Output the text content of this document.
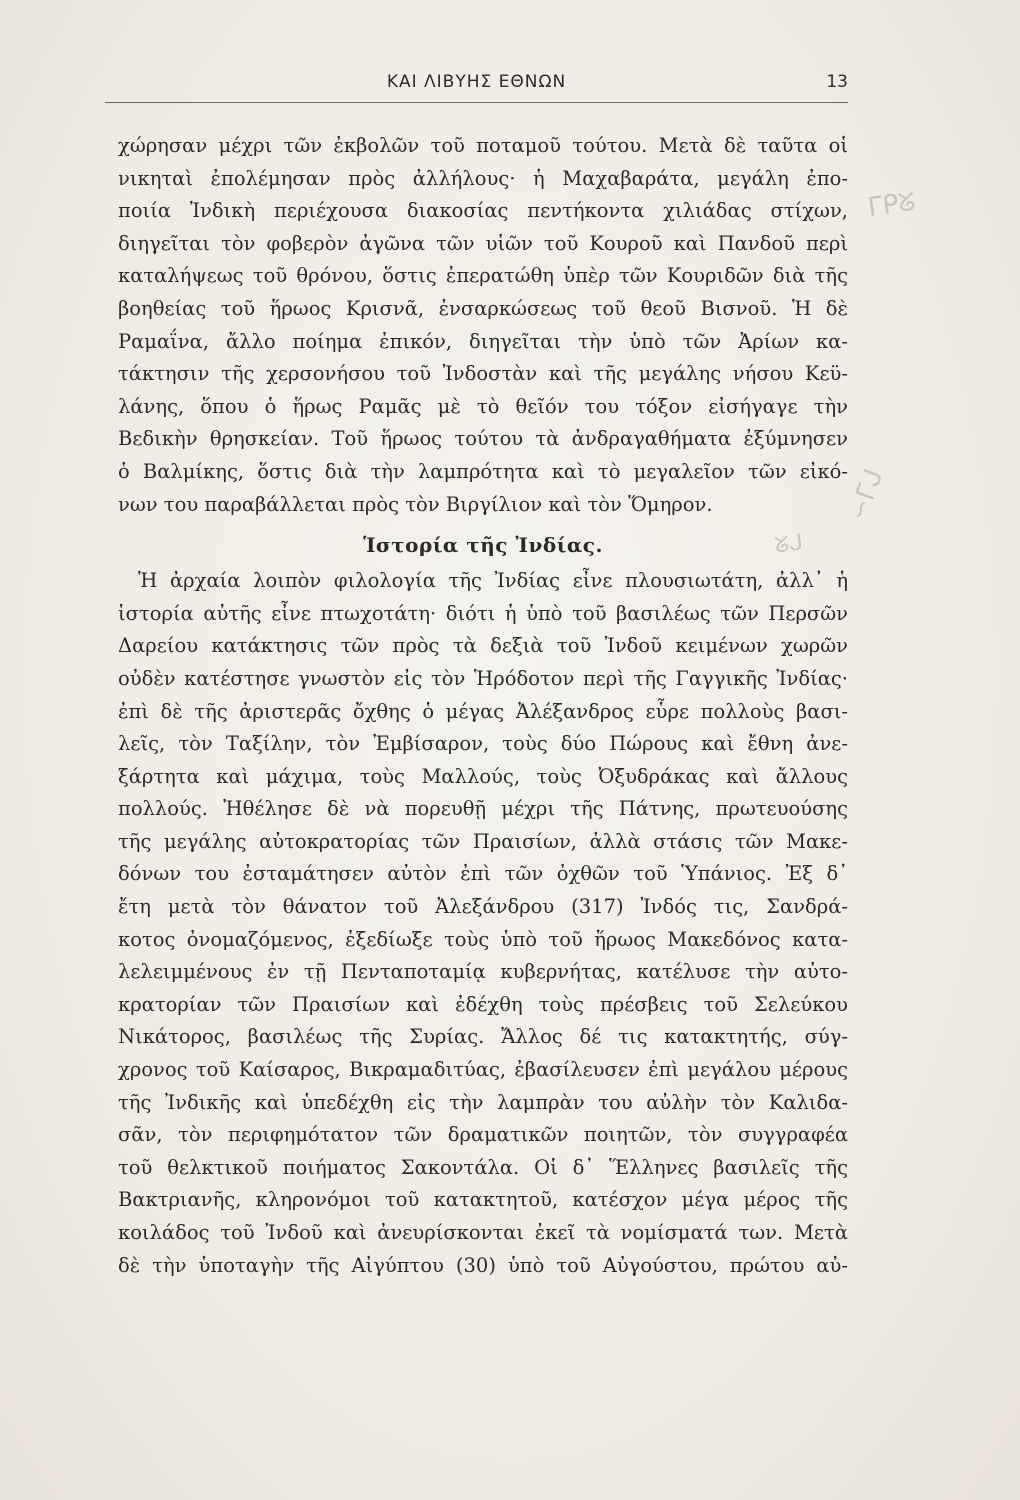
ΚΑΙ ΛΙΒΥΗΣ ΕΘΝΩΝ	13
ᒥᑭᘜ
∽ᒥᒍ
ᘜᒍ
χώρησαν μέχρι τῶν ἐκβολῶν τοῦ ποταμοῦ τούτου. Μετὰ δὲ ταῦτα οἱ
νικηταὶ ἐπολέμησαν πρὸς ἀλλήλους· ἡ Μαχαβαράτα, μεγάλη ἐπο-
ποιία Ἰνδικὴ περιέχουσα διακοσίας πεντήκοντα χιλιάδας στίχων,
διηγεῖται τὸν φοβερὸν ἀγῶνα τῶν υἱῶν τοῦ Κουροῦ καὶ Πανδοῦ περὶ
καταλήψεως τοῦ θρόνου, ὅστις ἐπερατώθη ὑπὲρ τῶν Κουριδῶν διὰ τῆς
βοηθείας τοῦ ἥρωος Κρισνᾶ, ἐνσαρκώσεως τοῦ θεοῦ Βισνοῦ. Ἡ δὲ
Ραμαΐνα, ἄλλο ποίημα ἐπικόν, διηγεῖται τὴν ὑπὸ τῶν Ἀρίων κα-
τάκτησιν τῆς χερσονήσου τοῦ Ἰνδοστὰν καὶ τῆς μεγάλης νήσου Κεϋ-
λάνης, ὅπου ὁ ἥρως Ραμᾶς μὲ τὸ θεῖόν του τόξον εἰσήγαγε τὴν
Βεδικὴν θρησκείαν. Τοῦ ἥρωος τούτου τὰ ἀνδραγαθήματα ἐξύμνησεν
ὁ Βαλμίκης, ὅστις διὰ τὴν λαμπρότητα καὶ τὸ μεγαλεῖον τῶν εἰκό-
νων του παραβάλλεται πρὸς τὸν Βιργίλιον καὶ τὸν Ὅμηρον.
Ἱστορία τῆς Ἰνδίας.
Ἡ ἀρχαία λοιπὸν φιλολογία τῆς Ἰνδίας εἶνε πλουσιωτάτη, ἀλλ᾽ ἡ
ἱστορία αὐτῆς εἶνε πτωχοτάτη· διότι ἡ ὑπὸ τοῦ βασιλέως τῶν Περσῶν
Δαρείου κατάκτησις τῶν πρὸς τὰ δεξιὰ τοῦ Ἰνδοῦ κειμένων χωρῶν
οὐδὲν κατέστησε γνωστὸν εἰς τὸν Ἡρόδοτον περὶ τῆς Γαγγικῆς Ἰνδίας·
ἐπὶ δὲ τῆς ἀριστερᾶς ὄχθης ὁ μέγας Ἀλέξανδρος εὗρε πολλοὺς βασι-
λεῖς, τὸν Ταξίλην, τὸν Ἐμβίσαρον, τοὺς δύο Πώρους καὶ ἔθνη ἀνε-
ξάρτητα καὶ μάχιμα, τοὺς Μαλλούς, τοὺς Ὀξυδράκας καὶ ἄλλους
πολλούς. Ἠθέλησε δὲ νὰ πορευθῇ μέχρι τῆς Πάτνης, πρωτευούσης
τῆς μεγάλης αὐτοκρατορίας τῶν Πραισίων, ἀλλὰ στάσις τῶν Μακε-
δόνων του ἐσταμάτησεν αὐτὸν ἐπὶ τῶν ὀχθῶν τοῦ Ὑπάνιος. Ἐξ δ᾽
ἔτη μετὰ τὸν θάνατον τοῦ Ἀλεξάνδρου (317) Ἰνδός τις, Σανδρά-
κοτος ὀνομαζόμενος, ἐξεδίωξε τοὺς ὑπὸ τοῦ ἥρωος Μακεδόνος κατα-
λελειμμένους ἐν τῇ Πενταποταμίᾳ κυβερνήτας, κατέλυσε τὴν αὐτο-
κρατορίαν τῶν Πραισίων καὶ ἐδέχθη τοὺς πρέσβεις τοῦ Σελεύκου
Νικάτορος, βασιλέως τῆς Συρίας. Ἄλλος δέ τις κατακτητής, σύγ-
χρονος τοῦ Καίσαρος, Βικραμαδιτύας, ἐβασίλευσεν ἐπὶ μεγάλου μέρους
τῆς Ἰνδικῆς καὶ ὑπεδέχθη εἰς τὴν λαμπρὰν του αὐλὴν τὸν Καλιδα-
σᾶν, τὸν περιφημότατον τῶν δραματικῶν ποιητῶν, τὸν συγγραφέα
τοῦ θελκτικοῦ ποιήματος Σακοντάλα. Οἱ δ᾽ Ἕλληνες βασιλεῖς τῆς
Βακτριανῆς, κληρονόμοι τοῦ κατακτητοῦ, κατέσχον μέγα μέρος τῆς
κοιλάδος τοῦ Ἰνδοῦ καὶ ἀνευρίσκονται ἐκεῖ τὰ νομίσματά των. Μετὰ
δὲ τὴν ὑποταγὴν τῆς Αἰγύπτου (30) ὑπὸ τοῦ Αὐγούστου, πρώτου αὐ-
